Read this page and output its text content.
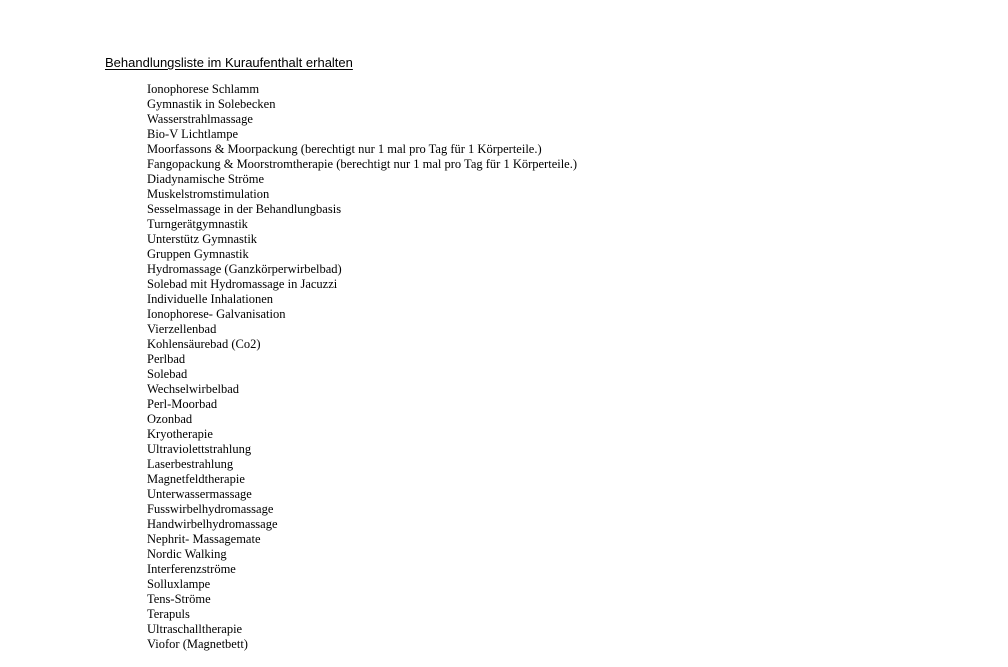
Behandlungsliste im Kuraufenthalt erhalten
Ionophorese Schlamm
Gymnastik in Solebecken
Wasserstrahlmassage
Bio-V Lichtlampe
Moorfassons & Moorpackung (berechtigt nur 1 mal pro Tag für 1 Körperteile.)
Fangopackung & Moorstromtherapie (berechtigt nur 1 mal pro Tag für 1 Körperteile.)
Diadynamische Ströme
Muskelstromstimulation
Sesselmassage in der Behandlungbasis
Turngerätgymnastik
Unterstütz Gymnastik
Gruppen Gymnastik
Hydromassage (Ganzkörperwirbelbad)
Solebad mit Hydromassage in Jacuzzi
Individuelle Inhalationen
Ionophorese- Galvanisation
Vierzellenbad
Kohlensäurebad (Co2)
Perlbad
Solebad
Wechselwirbelbad
Perl-Moorbad
Ozonbad
Kryotherapie
Ultraviolettstrahlung
Laserbestrahlung
Magnetfeldtherapie
Unterwassermassage
Fusswirbelhydromassage
Handwirbelhydromassage
Nephrit- Massagemate
Nordic Walking
Interferenzströme
Solluxlampe
Tens-Ströme
Terapuls
Ultraschalltherapie
Viofor (Magnetbett)
